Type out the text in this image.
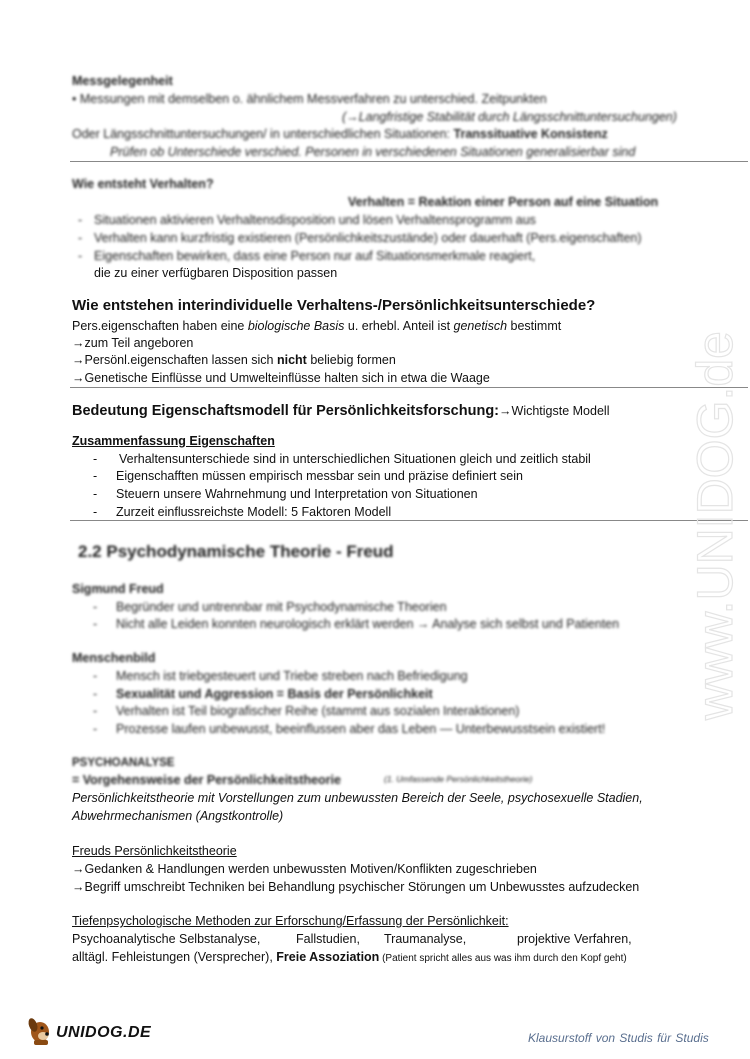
Messgelegenheit
• Messungen mit demselben o. ähnlichem Messverfahren zu unterschied. Zeitpunkten
(→Langfristige Stabilität durch Längsschnittuntersuchungen)
Oder Längsschnittuntersuchungen/ in unterschiedlichen Situationen: Transsituative Konsistenz
Prüfen ob Unterschiede verschied. Personen in verschiedenen Situationen generalisierbar sind
Wie entsteht Verhalten?
Verhalten = Reaktion einer Person auf eine Situation
- Situationen aktivieren Verhaltensdisposition und lösen Verhaltensprogramm aus
- Verhalten kann kurzfristig existieren (Persönlichkeitszustände) oder dauerhaft (Pers.eigenschaften)
- Eigenschaften bewirken, dass eine Person nur auf Situationsmerkmale reagiert,
die zu einer verfügbaren Disposition passen
Wie entstehen interindividuelle Verhaltens-/Persönlichkeitsunterschiede?
Pers.eigenschaften haben eine biologische Basis u. erhebl. Anteil ist genetisch bestimmt
→zum Teil angeboren
→Persönl.eigenschaften lassen sich nicht beliebig formen
→Genetische Einflüsse und Umwelteinflüsse halten sich in etwa die Waage
Bedeutung Eigenschaftsmodell für Persönlichkeitsforschung:→Wichtigste Modell
Zusammenfassung Eigenschaften
- Verhaltensunterschiede sind in unterschiedlichen Situationen gleich und zeitlich stabil
- Eigenschafften müssen empirisch messbar sein und präzise definiert sein
- Steuern unsere Wahrnehmung und Interpretation von Situationen
- Zurzeit einflussreichste Modell: 5 Faktoren Modell
2.2 Psychodynamische Theorie - Freud
Sigmund Freud
- Begründer und untrennbar mit Psychodynamische Theorien
- Nicht alle Leiden konnten neurologisch erklärt werden → Analyse sich selbst und Patienten
Menschenbild
- Mensch ist triebgesteuert und Triebe streben nach Befriedigung
- Sexualität und Aggression = Basis der Persönlichkeit
- Verhalten ist Teil biografischer Reihe (stammt aus sozialen Interaktionen)
- Prozesse laufen unbewusst, beeinflussen aber das Leben — Unterbewusstsein existiert!
PSYCHOANALYSE
= Vorgehensweise der Persönlichkeitstheorie	(1. Umfassende Persönlichkeitstheorie)
Persönlichkeitstheorie mit Vorstellungen zum unbewussten Bereich der Seele, psychosexuelle Stadien,
Abwehrmechanismen (Angstkontrolle)
Freuds Persönlichkeitstheorie
→Gedanken & Handlungen werden unbewussten Motiven/Konflikten zugeschrieben
→Begriff umschreibt Techniken bei Behandlung psychischer Störungen um Unbewusstes aufzudecken
Tiefenpsychologische Methoden zur Erforschung/Erfassung der Persönlichkeit:
Psychoanalytische Selbstanalyse,	Fallstudien, Traumanalyse,	projektive Verfahren,
alltägl. Fehleistungen (Versprecher), Freie Assoziation (Patient spricht alles aus was ihm durch den Kopf geht)
www.UNIDOG.de
UNIDOG.DE	Klausurstoff von Studis für Studis
